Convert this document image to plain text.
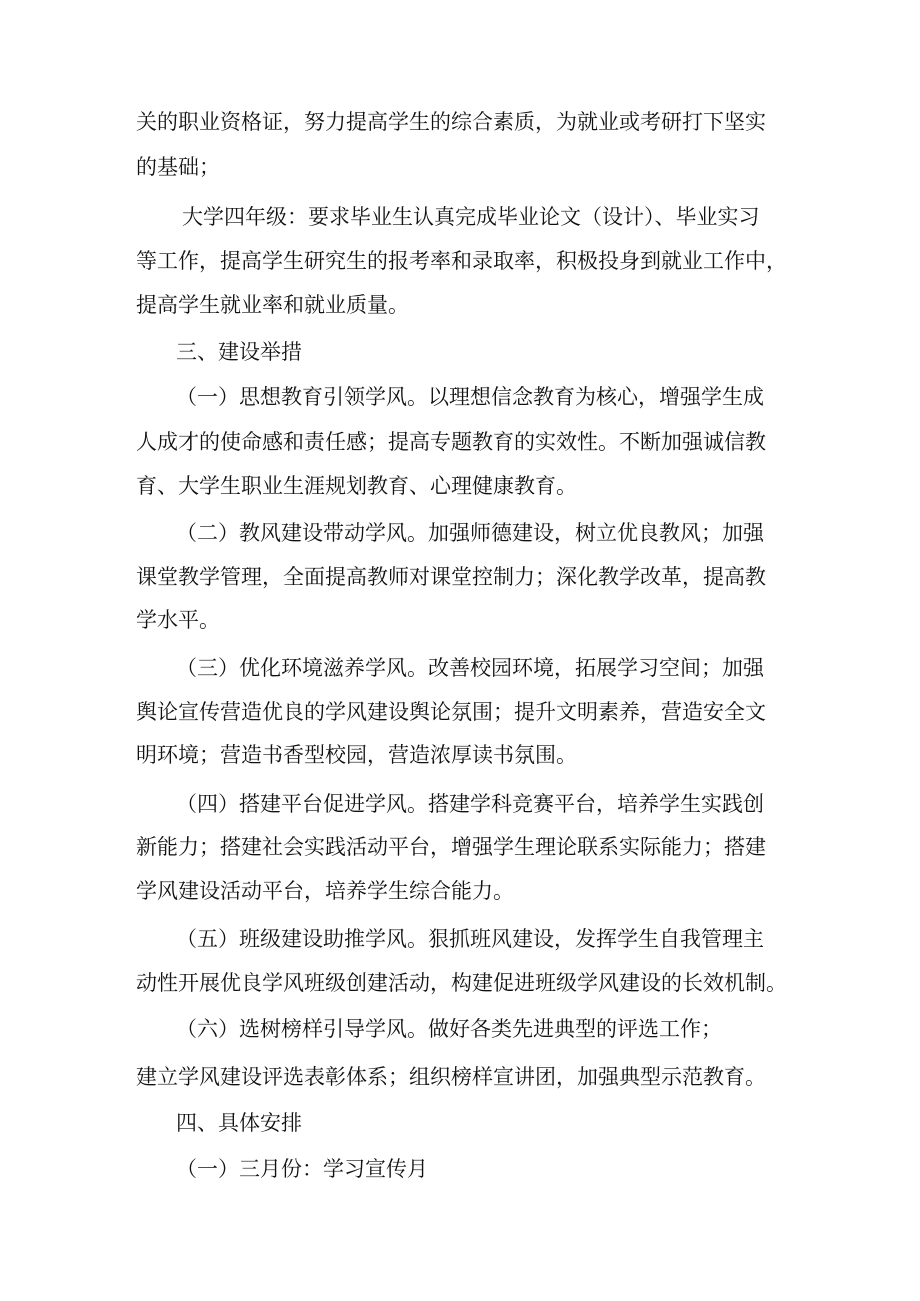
关的职业资格证，努力提高学生的综合素质，为就业或考研打下坚实
的基础；
大学四年级：要求毕业生认真完成毕业论文（设计）、毕业实习
等工作，提高学生研究生的报考率和录取率，积极投身到就业工作中，
提高学生就业率和就业质量。
三、建设举措
（一）思想教育引领学风。以理想信念教育为核心，增强学生成
人成才的使命感和责任感；提高专题教育的实效性。不断加强诚信教
育、大学生职业生涯规划教育、心理健康教育。
（二）教风建设带动学风。加强师德建设，树立优良教风；加强
课堂教学管理，全面提高教师对课堂控制力；深化教学改革，提高教
学水平。
（三）优化环境滋养学风。改善校园环境，拓展学习空间；加强
舆论宣传营造优良的学风建设舆论氛围；提升文明素养，营造安全文
明环境；营造书香型校园，营造浓厚读书氛围。
（四）搭建平台促进学风。搭建学科竞赛平台，培养学生实践创
新能力；搭建社会实践活动平台，增强学生理论联系实际能力；搭建
学风建设活动平台，培养学生综合能力。
（五）班级建设助推学风。狠抓班风建设，发挥学生自我管理主
动性开展优良学风班级创建活动，构建促进班级学风建设的长效机制。
（六）选树榜样引导学风。做好各类先进典型的评选工作；
建立学风建设评选表彰体系；组织榜样宣讲团，加强典型示范教育。
四、具体安排
（一）三月份：学习宣传月
